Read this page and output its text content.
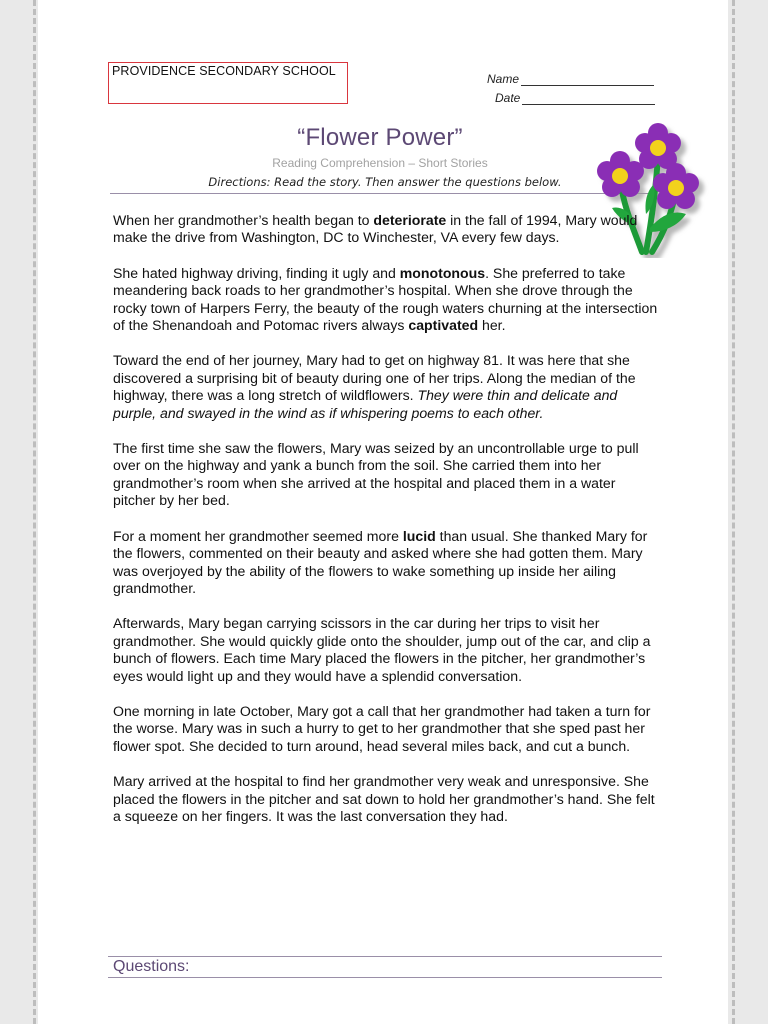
PROVIDENCE SECONDARY SCHOOL
Name
Date
“Flower Power”
Reading Comprehension – Short Stories
Directions: Read the story. Then answer the questions below.

When her grandmother’s health began to deteriorate in the fall of 1994, Mary would make the drive from Washington, DC to Winchester, VA every few days.

She hated highway driving, finding it ugly and monotonous. She preferred to take meandering back roads to her grandmother’s hospital. When she drove through the rocky town of Harpers Ferry, the beauty of the rough waters churning at the intersection of the Shenandoah and Potomac rivers always captivated her.

Toward the end of her journey, Mary had to get on highway 81. It was here that she discovered a surprising bit of beauty during one of her trips. Along the median of the highway, there was a long stretch of wildflowers. They were thin and delicate and purple, and swayed in the wind as if whispering poems to each other.

The first time she saw the flowers, Mary was seized by an uncontrollable urge to pull over on the highway and yank a bunch from the soil. She carried them into her grandmother’s room when she arrived at the hospital and placed them in a water pitcher by her bed.

For a moment her grandmother seemed more lucid than usual. She thanked Mary for the flowers, commented on their beauty and asked where she had gotten them. Mary was overjoyed by the ability of the flowers to wake something up inside her ailing grandmother.

Afterwards, Mary began carrying scissors in the car during her trips to visit her grandmother. She would quickly glide onto the shoulder, jump out of the car, and clip a bunch of flowers. Each time Mary placed the flowers in the pitcher, her grandmother’s eyes would light up and they would have a splendid conversation.

One morning in late October, Mary got a call that her grandmother had taken a turn for the worse. Mary was in such a hurry to get to her grandmother that she sped past her flower spot. She decided to turn around, head several miles back, and cut a bunch.

Mary arrived at the hospital to find her grandmother very weak and unresponsive. She placed the flowers in the pitcher and sat down to hold her grandmother’s hand. She felt a squeeze on her fingers. It was the last conversation they had.

Questions:
